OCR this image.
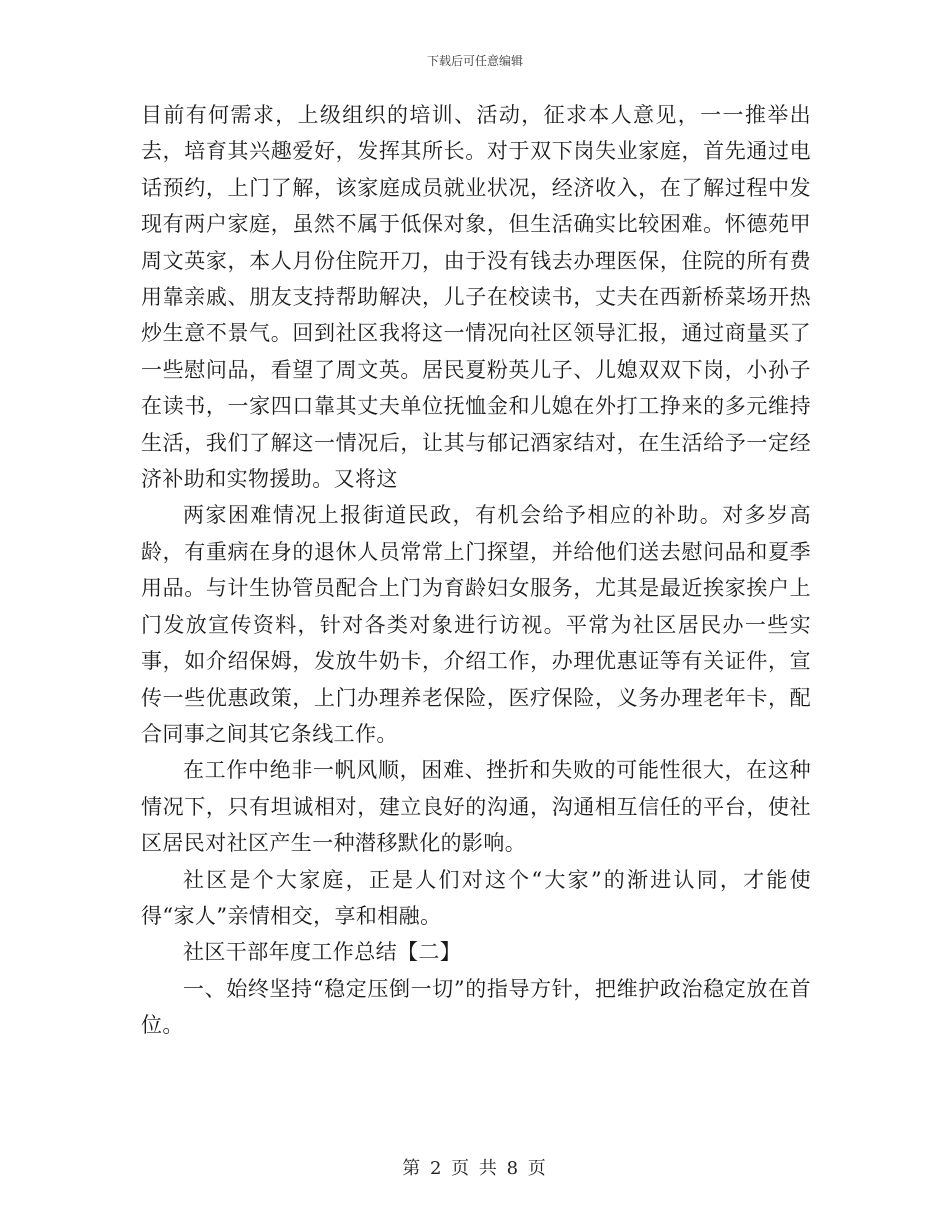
下载后可任意编辑

目前有何需求，上级组织的培训、活动，征求本人意见，一一推举出去，培育其兴趣爱好，发挥其所长。对于双下岗失业家庭，首先通过电话预约，上门了解，该家庭成员就业状况，经济收入，在了解过程中发现有两户家庭，虽然不属于低保对象，但生活确实比较困难。怀德苑甲周文英家，本人月份住院开刀，由于没有钱去办理医保，住院的所有费用靠亲戚、朋友支持帮助解决，儿子在校读书，丈夫在西新桥菜场开热炒生意不景气。回到社区我将这一情况向社区领导汇报，通过商量买了一些慰问品，看望了周文英。居民夏粉英儿子、儿媳双双下岗，小孙子在读书，一家四口靠其丈夫单位抚恤金和儿媳在外打工挣来的多元维持生活，我们了解这一情况后，让其与郁记酒家结对，在生活给予一定经济补助和实物援助。又将这

两家困难情况上报街道民政，有机会给予相应的补助。对多岁高龄，有重病在身的退休人员常常上门探望，并给他们送去慰问品和夏季用品。与计生协管员配合上门为育龄妇女服务，尤其是最近挨家挨户上门发放宣传资料，针对各类对象进行访视。平常为社区居民办一些实事，如介绍保姆，发放牛奶卡，介绍工作，办理优惠证等有关证件，宣传一些优惠政策，上门办理养老保险，医疗保险，义务办理老年卡，配合同事之间其它条线工作。

在工作中绝非一帆风顺，困难、挫折和失败的可能性很大，在这种情况下，只有坦诚相对，建立良好的沟通，沟通相互信任的平台，使社区居民对社区产生一种潜移默化的影响。

社区是个大家庭，正是人们对这个“大家”的渐进认同，才能使得“家人”亲情相交，享和相融。

社区干部年度工作总结【二】

一、始终坚持“稳定压倒一切”的指导方针，把维护政治稳定放在首位。

第 2 页 共 8 页
